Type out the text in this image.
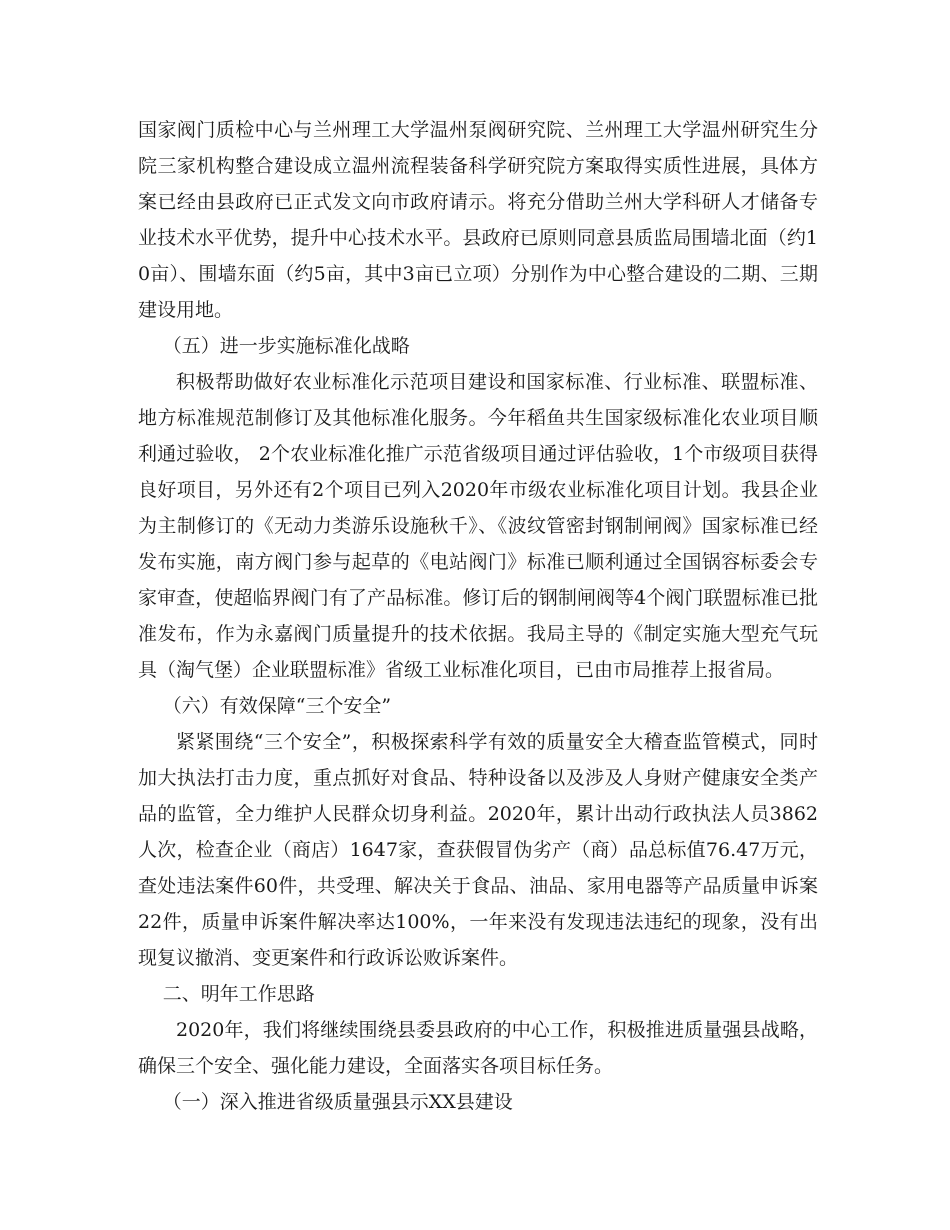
国家阀门质检中心与兰州理工大学温州泵阀研究院、兰州理工大学温州研究生分院三家机构整合建设成立温州流程装备科学研究院方案取得实质性进展，具体方案已经由县政府已正式发文向市政府请示。将充分借助兰州大学科研人才储备专业技术水平优势，提升中心技术水平。县政府已原则同意县质监局围墙北面（约10亩）、围墙东面（约5亩，其中3亩已立项）分别作为中心整合建设的二期、三期建设用地。

（五）进一步实施标准化战略

积极帮助做好农业标准化示范项目建设和国家标准、行业标准、联盟标准、地方标准规范制修订及其他标准化服务。今年稻鱼共生国家级标准化农业项目顺利通过验收， 2个农业标准化推广示范省级项目通过评估验收，1个市级项目获得良好项目，另外还有2个项目已列入2020年市级农业标准化项目计划。我县企业为主制修订的《无动力类游乐设施秋千》、《波纹管密封钢制闸阀》国家标准已经发布实施，南方阀门参与起草的《电站阀门》标准已顺利通过全国锅容标委会专家审查，使超临界阀门有了产品标准。修订后的钢制闸阀等4个阀门联盟标准已批准发布，作为永嘉阀门质量提升的技术依据。我局主导的《制定实施大型充气玩具（淘气堡）企业联盟标准》省级工业标准化项目，已由市局推荐上报省局。

（六）有效保障“三个安全”

紧紧围绕“三个安全”，积极探索科学有效的质量安全大稽查监管模式，同时加大执法打击力度，重点抓好对食品、特种设备以及涉及人身财产健康安全类产品的监管，全力维护人民群众切身利益。2020年，累计出动行政执法人员3862人次，检查企业（商店）1647家，查获假冒伪劣产（商）品总标值76.47万元，查处违法案件60件，共受理、解决关于食品、油品、家用电器等产品质量申诉案22件，质量申诉案件解决率达100%，一年来没有发现违法违纪的现象，没有出现复议撤消、变更案件和行政诉讼败诉案件。

二、明年工作思路

2020年，我们将继续围绕县委县政府的中心工作，积极推进质量强县战略，确保三个安全、强化能力建设，全面落实各项目标任务。

（一）深入推进省级质量强县示XX县建设
